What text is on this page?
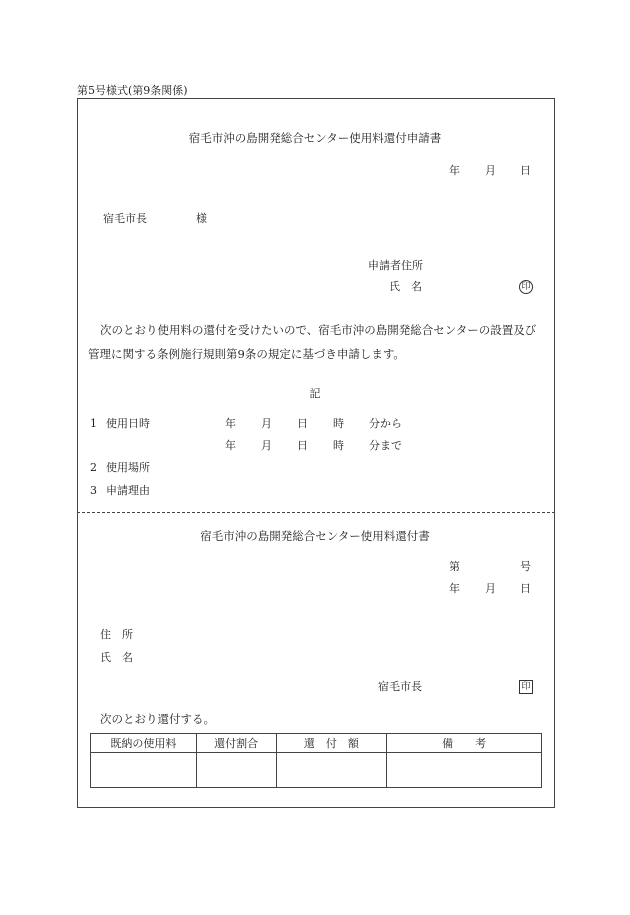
第5号様式(第9条関係)
宿毛市沖の島開発総合センター使用料還付申請書
年 月 日
宿毛市長	様
申請者住所
氏　名	印
次のとおり使用料の還付を受けたいので、宿毛市沖の島開発総合センターの設置及び管理に関する条例施行規則第9条の規定に基づき申請します。
記
1 使用日時	年 月 日 時 分から
年 月 日 時 分まで
2 使用場所
3 申請理由
宿毛市沖の島開発総合センター使用料還付書
第	号
年 月 日
住　所
氏　名
宿毛市長	印
次のとおり還付する。
既納の使用料	還付割合	還　付　額	備　　考
